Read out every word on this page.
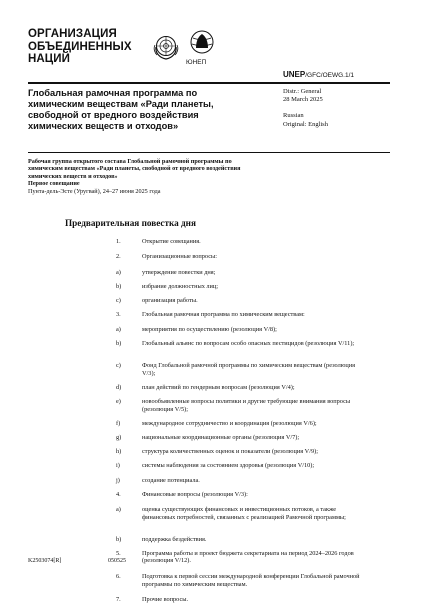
ОРГАНИЗАЦИЯ
ОБЪЕДИНЕННЫХ
НАЦИЙ	ЮНЕП
UNEP/GFC/OEWG.1/1
Глобальная рамочная программа по химическим веществам «Ради планеты, свободной от вредного воздействия химических веществ и отходов»
Distr.: General
28 March 2025
Russian
Original: English
Рабочая группа открытого состава Глобальной рамочной программы по химическим веществам «Ради планеты, свободной от вредного воздействия химических веществ и отходов»
Первое совещание
Пунта-дель-Эсте (Уругвай), 24–27 июня 2025 года
Предварительная повестка дня
1.	Открытие совещания.
2.	Организационные вопросы:
a)	утверждение повестки дня;
b)	избрание должностных лиц;
c)	организация работы.
3.	Глобальная рамочная программа по химическим веществам:
a)	мероприятия по осуществлению (резолюция V/8);
b)	Глобальный альянс по вопросам особо опасных пестицидов (резолюция V/11);
c)	Фонд Глобальной рамочной программы по химическим веществам (резолюция V/3);
d)	план действий по гендерным вопросам (резолюция V/4);
e)	новообъявленные вопросы политики и другие требующие внимания вопросы (резолюция V/5);
f)	международное сотрудничество и координация (резолюция V/6);
g)	национальные координационные органы (резолюция V/7);
h)	структура количественных оценок и показатели (резолюция V/9);
i)	системы наблюдения за состоянием здоровья (резолюция V/10);
j)	создание потенциала.
4.	Финансовые вопросы (резолюция V/3):
a)	оценка существующих финансовых и инвестиционных потоков, а также финансовых потребностей, связанных с реализацией Рамочной программы;
b)	поддержка бездействия.
5.	Программа работы и проект бюджета секретариата на период 2024–2026 годов (резолюция V/12).
6.	Подготовка к первой сессии международной конференции Глобальной рамочной программы по химическим веществам.
7.	Прочие вопросы.
K2503074[R]	050525
